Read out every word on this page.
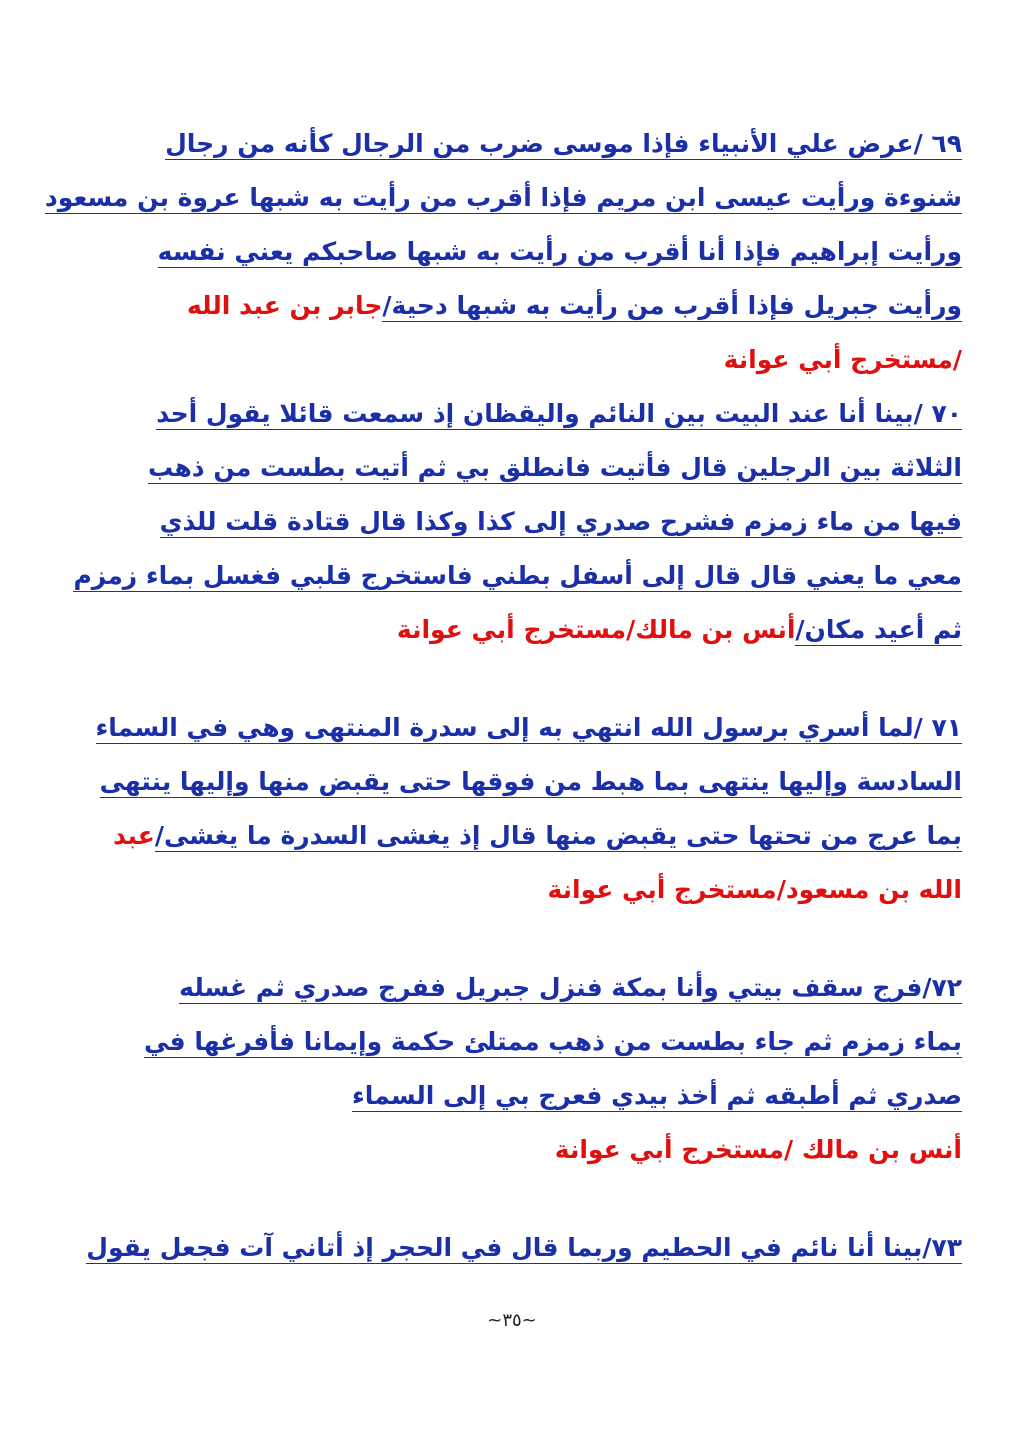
٦٩ /عرض علي الأنبياء فإذا موسى ضرب من الرجال كأنه من رجال
شنوءة ورأيت عيسى ابن مريم فإذا أقرب من رأيت به شبها عروة بن مسعود
ورأيت إبراهيم فإذا أنا أقرب من رأيت به شبها صاحبكم يعني نفسه
ورأيت جبريل فإذا أقرب من رأيت به شبها دحية/جابر بن عبد الله
/مستخرج أبي عوانة
٧٠ /بينا أنا عند البيت بين النائم واليقظان إذ سمعت قائلا يقول أحد
الثلاثة بين الرجلين قال فأتيت فانطلق بي ثم أتيت بطست من ذهب
فيها من ماء زمزم فشرح صدري إلى كذا وكذا قال قتادة قلت للذي
معي ما يعني قال قال إلى أسفل بطني فاستخرج قلبي فغسل بماء زمزم
ثم أعيد مكان/أنس بن مالك/مستخرج أبي عوانة
٧١ /لما أسري برسول الله انتهي به إلى سدرة المنتهى وهي في السماء
السادسة وإليها ينتهى بما هبط من فوقها حتى يقبض منها وإليها ينتهى
بما عرج من تحتها حتى يقبض منها قال إذ يغشى السدرة ما يغشى/عبد
الله بن مسعود/مستخرج أبي عوانة
٧٢/فرج سقف بيتي وأنا بمكة فنزل جبريل ففرج صدري ثم غسله
بماء زمزم ثم جاء بطست من ذهب ممتلئ حكمة وإيمانا فأفرغها في
صدري ثم أطبقه ثم أخذ بيدي فعرج بي إلى السماء
أنس بن مالك /مستخرج أبي عوانة
٧٣/بينا أنا نائم في الحطيم وربما قال في الحجر إذ أتاني آت فجعل يقول
~٣٥~
